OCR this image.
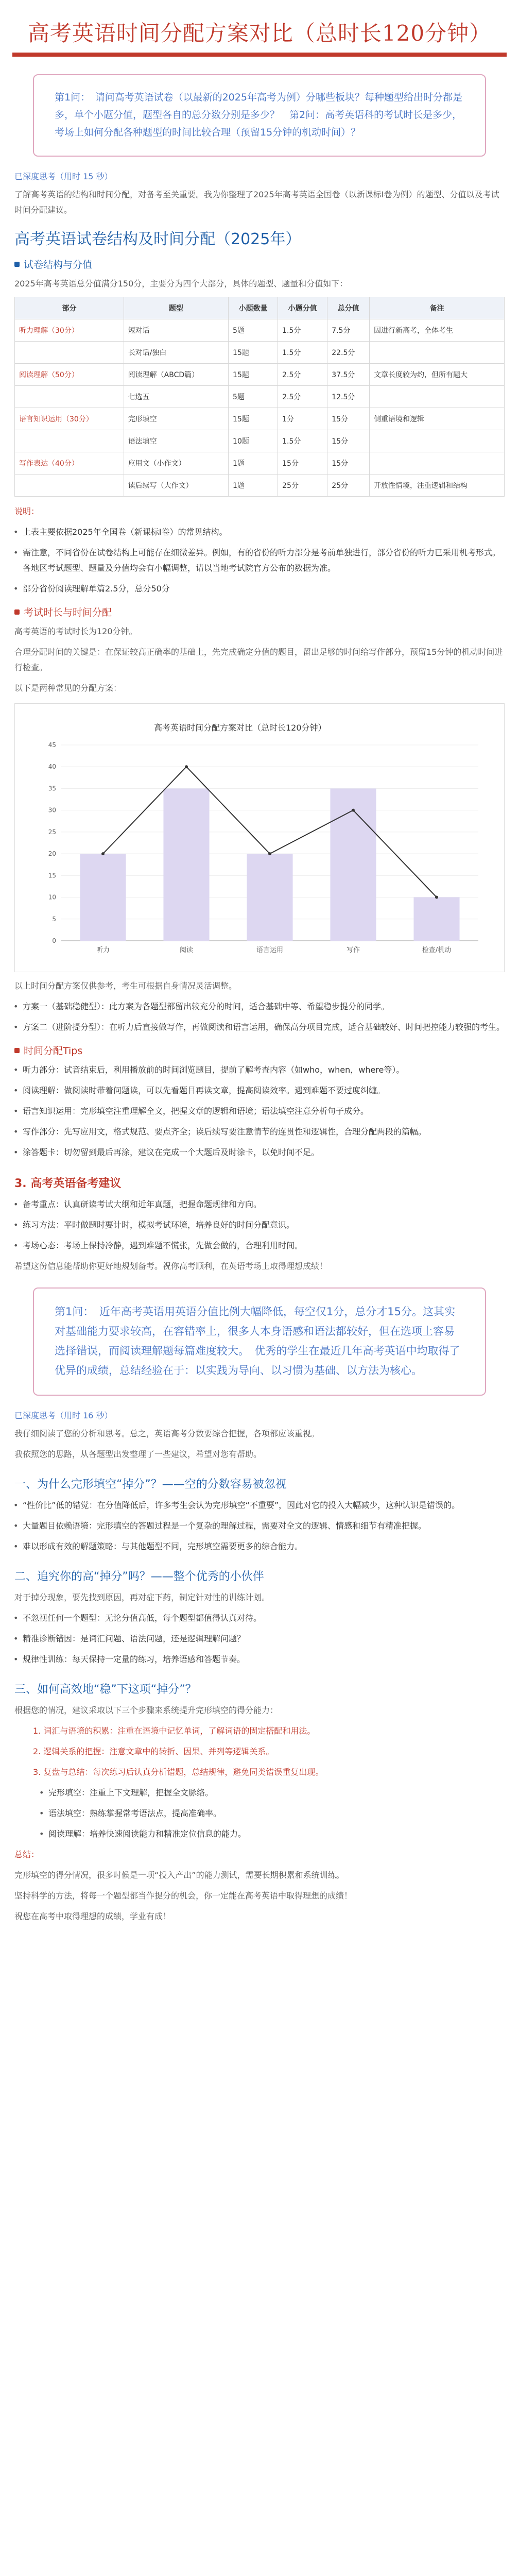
高考英语时间分配方案对比（总时长120分钟）

第1问：　请问高考英语试卷（以最新的2025年高考为例）分哪些板块？每种题型给出时分都是多，单个小题分值，题型各自的总分数分别是多少？　第2问：高考英语科的考试时长是多少，考场上如何分配各种题型的时间比较合理（预留15分钟的机动时间）？

已深度思考（用时 15 秒）

了解高考英语的结构和时间分配，对备考至关重要。我为你整理了2025年高考英语全国卷（以新课标I卷为例）的题型、分值以及考试时间分配建议。

高考英语试卷结构及时间分配（2025年）
试卷结构与分值

2025年高考英语总分值满分150分，主要分为四个大部分，具体的题型、题量和分值如下：

部分	题型	小题数量	小题分值	总分值	备注
听力理解（30分）	短对话	5题	1.5分	7.5分	因进行新高考，全体考生
	长对话/独白	15题	1.5分	22.5分	
阅读理解（50分）	阅读理解（ABCD篇）	15题	2.5分	37.5分	文章长度较为约，但所有题大
	七选五	5题	2.5分	12.5分	
语言知识运用（30分）	完形填空	15题	1分	15分	侧重语境和逻辑
	语法填空	10题	1.5分	15分	
写作表达（40分）	应用文（小作文）	1题	15分	15分	
	读后续写（大作文）	1题	25分	25分	开放性情境，注重逻辑和结构

说明：

• 上表主要依据2025年全国卷（新课标I卷）的常见结构。

• 需注意，不同省份在试卷结构上可能存在细微差异。例如，有的省份的听力部分是考前单独进行，部分省份的听力已采用机考形式。各地区考试题型、题量及分值均会有小幅调整，请以当地考试院官方公布的数据为准。

• 部分省份阅读理解单篇2.5分，总分50分

考试时长与时间分配

高考英语的考试时长为120分钟。

合理分配时间的关键是：在保证较高正确率的基础上，先完成确定分值的题目，留出足够的时间给写作部分，预留15分钟的机动时间进行检查。

以下是两种常见的分配方案：

高考英语时间分配方案对比（总时长120分钟）
0
5
10
15
20
25
30
35
40
45
听力	阅读	语言运用	写作	检查/机动

以上时间分配方案仅供参考，考生可根据自身情况灵活调整。

• 方案一（基础稳健型）：此方案为各题型都留出较充分的时间，适合基础中等、希望稳步提分的同学。

• 方案二（进阶提分型）：在听力后直接做写作，再做阅读和语言运用，确保高分项目完成，适合基础较好、时间把控能力较强的考生。

时间分配Tips

• 听力部分：试音结束后，利用播放前的时间浏览题目，提前了解考查内容（如who，when，where等）。

• 阅读理解：做阅读时带着问题读，可以先看题目再读文章，提高阅读效率。遇到难题不要过度纠缠。

• 语言知识运用：完形填空注重理解全文，把握文章的逻辑和语境；语法填空注意分析句子成分。

• 写作部分：先写应用文，格式规范、要点齐全；读后续写要注意情节的连贯性和逻辑性，合理分配两段的篇幅。

• 涂答题卡：切勿留到最后再涂，建议在完成一个大题后及时涂卡，以免时间不足。

3. 高考英语备考建议

• 备考重点：认真研读考试大纲和近年真题，把握命题规律和方向。

• 练习方法：平时做题时要计时，模拟考试环境，培养良好的时间分配意识。

• 考场心态：考场上保持冷静，遇到难题不慌张，先做会做的，合理利用时间。

希望这份信息能帮助你更好地规划备考。祝你高考顺利，在英语考场上取得理想成绩！

第1问：　近年高考英语用英语分值比例大幅降低，每空仅1分，总分才15分。这其实对基础能力要求较高，在容错率上，很多人本身语感和语法都较好，但在选项上容易选择错误，而阅读理解题每篇难度较大。　优秀的学生在最近几年高考英语中均取得了优异的成绩，总结经验在于：以实践为导向、以习惯为基础、以方法为核心。

已深度思考（用时 16 秒）

我仔细阅读了您的分析和思考。总之，英语高考分数要综合把握，各项都应该重视。

我依照您的思路，从各题型出发整理了一些建议，希望对您有帮助。

一、为什么完形填空“掉分”？——空的分数容易被忽视

• “性价比”低的错觉：在分值降低后，许多考生会认为完形填空“不重要”，因此对它的投入大幅减少，这种认识是错误的。

• 大量题目依赖语境：完形填空的答题过程是一个复杂的理解过程，需要对全文的逻辑、情感和细节有精准把握。

• 难以形成有效的解题策略：与其他题型不同，完形填空需要更多的综合能力。

二、追究你的高“掉分”吗？——整个优秀的小伙伴

对于掉分现象，要先找到原因，再对症下药，制定针对性的训练计划。

• 不忽视任何一个题型：无论分值高低，每个题型都值得认真对待。

• 精准诊断错因：是词汇问题、语法问题，还是逻辑理解问题？

• 规律性训练：每天保持一定量的练习，培养语感和答题节奏。

三、如何高效地“稳”下这项“掉分”？

根据您的情况，建议采取以下三个步骤来系统提升完形填空的得分能力：

1. 词汇与语境的积累：注重在语境中记忆单词，了解词语的固定搭配和用法。

2. 逻辑关系的把握：注意文章中的转折、因果、并列等逻辑关系。

3. 复盘与总结：每次练习后认真分析错题，总结规律，避免同类错误重复出现。

• 完形填空：注重上下文理解，把握全文脉络。

• 语法填空：熟练掌握常考语法点，提高准确率。

• 阅读理解：培养快速阅读能力和精准定位信息的能力。

总结：

完形填空的得分情况，很多时候是一项“投入产出”的能力测试，需要长期积累和系统训练。

坚持科学的方法，将每一个题型都当作提分的机会，你一定能在高考英语中取得理想的成绩！

祝您在高考中取得理想的成绩，学业有成！
